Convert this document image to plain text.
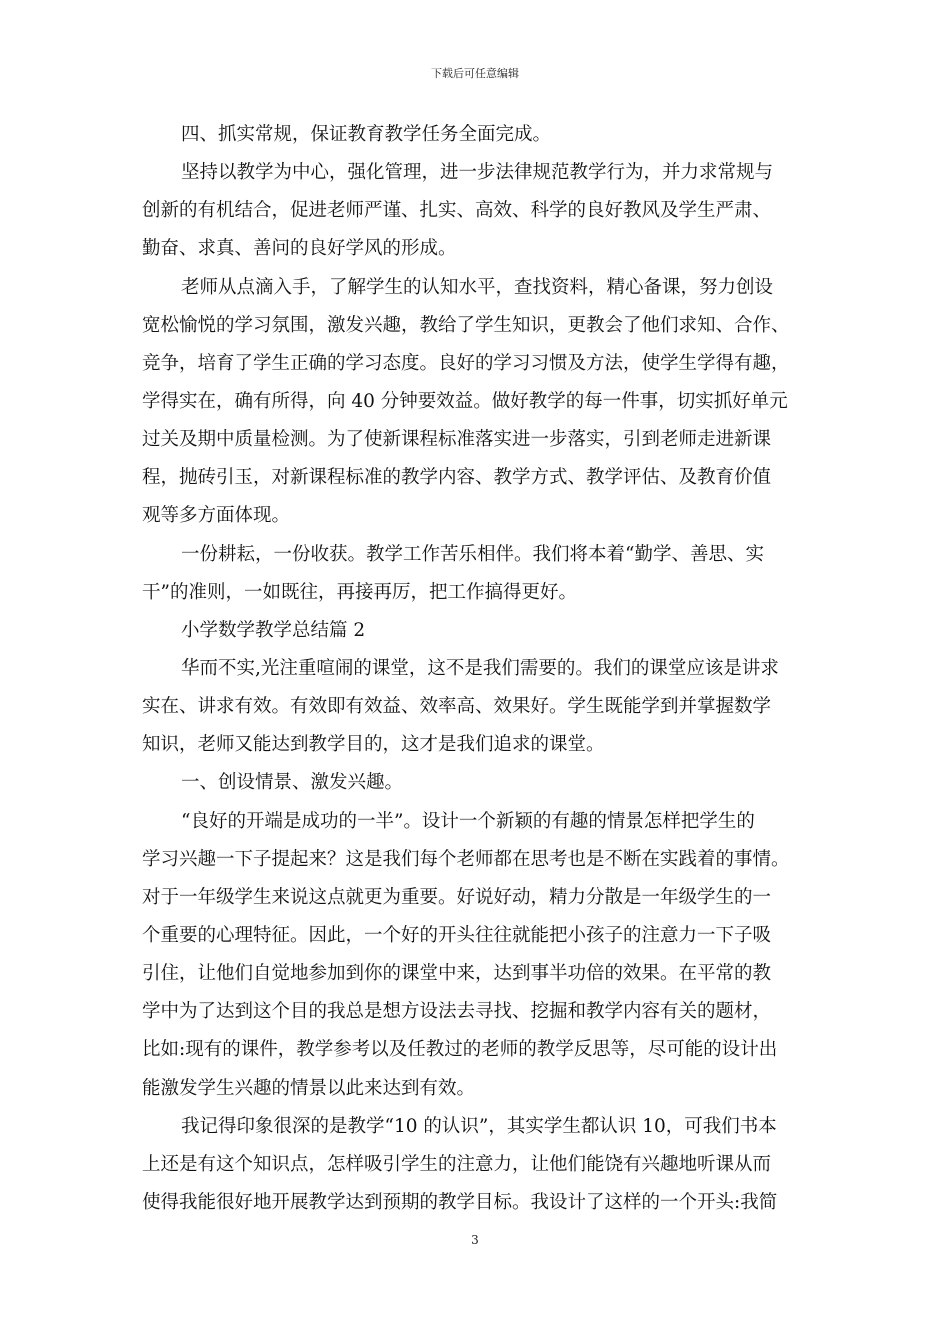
下载后可任意编辑
四、抓实常规，保证教育教学任务全面完成。
坚持以教学为中心，强化管理，进一步法律规范教学行为，并力求常规与
创新的有机结合，促进老师严谨、扎实、高效、科学的良好教风及学生严肃、
勤奋、求真、善问的良好学风的形成。
老师从点滴入手，了解学生的认知水平，查找资料，精心备课，努力创设
宽松愉悦的学习氛围，激发兴趣，教给了学生知识，更教会了他们求知、合作、
竞争，培育了学生正确的学习态度。良好的学习习惯及方法，使学生学得有趣，
学得实在，确有所得，向 40 分钟要效益。做好教学的每一件事，切实抓好单元
过关及期中质量检测。为了使新课程标准落实进一步落实，引到老师走进新课
程，抛砖引玉，对新课程标准的教学内容、教学方式、教学评估、及教育价值
观等多方面体现。
一份耕耘，一份收获。教学工作苦乐相伴。我们将本着“勤学、善思、实
干”的准则，一如既往，再接再厉，把工作搞得更好。
小学数学教学总结篇 2
华而不实,光注重喧闹的课堂，这不是我们需要的。我们的课堂应该是讲求
实在、讲求有效。有效即有效益、效率高、效果好。学生既能学到并掌握数学
知识，老师又能达到教学目的，这才是我们追求的课堂。
一、创设情景、激发兴趣。
“良好的开端是成功的一半”。设计一个新颖的有趣的情景怎样把学生的
学习兴趣一下子提起来？这是我们每个老师都在思考也是不断在实践着的事情。
对于一年级学生来说这点就更为重要。好说好动，精力分散是一年级学生的一
个重要的心理特征。因此，一个好的开头往往就能把小孩子的注意力一下子吸
引住，让他们自觉地参加到你的课堂中来，达到事半功倍的效果。在平常的教
学中为了达到这个目的我总是想方设法去寻找、挖掘和教学内容有关的题材，
比如:现有的课件，教学参考以及任教过的老师的教学反思等，尽可能的设计出
能激发学生兴趣的情景以此来达到有效。
我记得印象很深的是教学“10 的认识”，其实学生都认识 10，可我们书本
上还是有这个知识点，怎样吸引学生的注意力，让他们能饶有兴趣地听课从而
使得我能很好地开展教学达到预期的教学目标。我设计了这样的一个开头:我简
3
